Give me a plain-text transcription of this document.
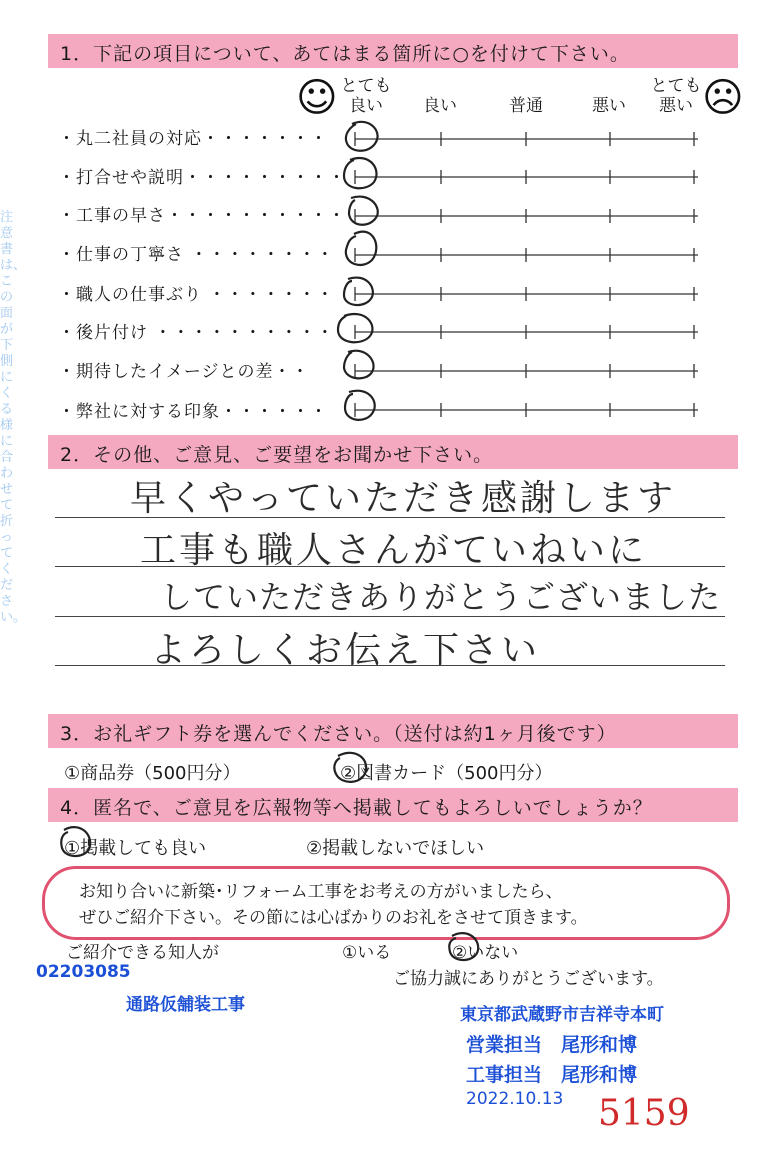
注意書は、この面が下側にくる様に合わせて折ってください。
1．下記の項目について、あてはまる箇所に○を付けて下さい。
☺	☹
とても
良い	良い	普通	悪い
とても
悪い
・丸二社員の対応・・・・・・・
・打合せや説明・・・・・・・・・
・工事の早さ・・・・・・・・・・
・仕事の丁寧さ ・・・・・・・・
・職人の仕事ぶり ・・・・・・・
・後片付け ・・・・・・・・・・
・期待したイメージとの差・・
・弊社に対する印象・・・・・・
2．その他、ご意見、ご要望をお聞かせ下さい。
早くやっていただき感謝します
工事も職人さんがていねいに
していただきありがとうございました
よろしくお伝え下さい
3．お礼ギフト券を選んでください。（送付は約1ヶ月後です）
①商品券（500円分）	②図書カード（500円分）
4．匿名で、ご意見を広報物等へ掲載してもよろしいでしょうか？
①掲載しても良い	②掲載しないでほしい
お知り合いに新築･リフォーム工事をお考えの方がいましたら、
ぜひご紹介下さい。その節には心ばかりのお礼をさせて頂きます。
ご紹介できる知人が	①いる	②いない
ご協力誠にありがとうございます。
02203085
通路仮舗装工事	東京都武蔵野市吉祥寺本町
営業担当　尾形和博
工事担当　尾形和博
2022.10.13 5159
